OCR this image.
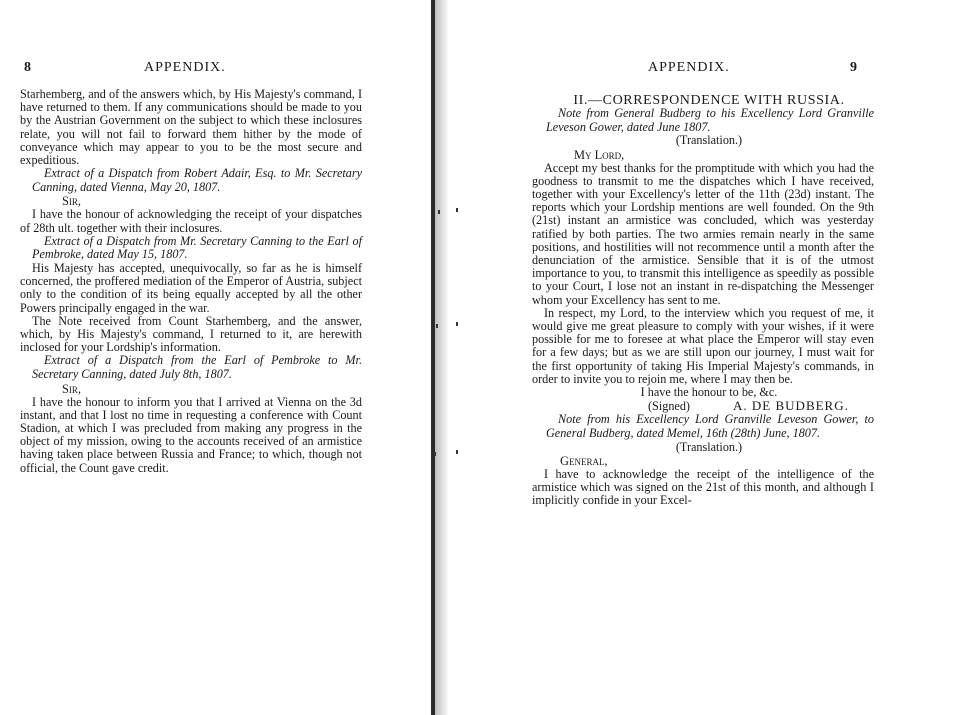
8	APPENDIX.

Starhemberg, and of the answers which, by His Majesty's command, I have returned to them. If any communications should be made to you by the Austrian Government on the subject to which these inclosures relate, you will not fail to forward them hither by the mode of conveyance which may appear to you to be the most secure and expeditious.

Extract of a Dispatch from Robert Adair, Esq. to Mr. Secretary Canning, dated Vienna, May 20, 1807.

Sir,

I have the honour of acknowledging the receipt of your dispatches of 28th ult. together with their inclosures.

Extract of a Dispatch from Mr. Secretary Canning to the Earl of Pembroke, dated May 15, 1807.

His Majesty has accepted, unequivocally, so far as he is himself concerned, the proffered mediation of the Emperor of Austria, subject only to the condition of its being equally accepted by all the other Powers principally engaged in the war.

The Note received from Count Starhemberg, and the answer, which, by His Majesty's command, I returned to it, are herewith inclosed for your Lordship's information.

Extract of a Dispatch from the Earl of Pembroke to Mr. Secretary Canning, dated July 8th, 1807.

Sir,

I have the honour to inform you that I arrived at Vienna on the 3d instant, and that I lost no time in requesting a conference with Count Stadion, at which I was precluded from making any progress in the object of my mission, owing to the accounts received of an armistice having taken place between Russia and France; to which, though not official, the Count gave credit.

APPENDIX.	9

II.—CORRESPONDENCE WITH RUSSIA.

Note from General Budberg to his Excellency Lord Granville Leveson Gower, dated June 1807.

(Translation.)

My Lord,

Accept my best thanks for the promptitude with which you had the goodness to transmit to me the dispatches which I have received, together with your Excellency's letter of the 11th (23d) instant. The reports which your Lordship mentions are well founded. On the 9th (21st) instant an armistice was concluded, which was yesterday ratified by both parties. The two armies remain nearly in the same positions, and hostilities will not recommence until a month after the denunciation of the armistice. Sensible that it is of the utmost importance to you, to transmit this intelligence as speedily as possible to your Court, I lose not an instant in re-dispatching the Messenger whom your Excellency has sent to me.

In respect, my Lord, to the interview which you request of me, it would give me great pleasure to comply with your wishes, if it were possible for me to foresee at what place the Emperor will stay even for a few days; but as we are still upon our journey, I must wait for the first opportunity of taking His Imperial Majesty's commands, in order to invite you to rejoin me, where I may then be.

I have the honour to be, &c.

(Signed)	A. DE BUDBERG.

Note from his Excellency Lord Granville Leveson Gower, to General Budberg, dated Memel, 16th (28th) June, 1807.

(Translation.)

General,

I have to acknowledge the receipt of the intelligence of the armistice which was signed on the 21st of this month, and although I implicitly confide in your Excel-
